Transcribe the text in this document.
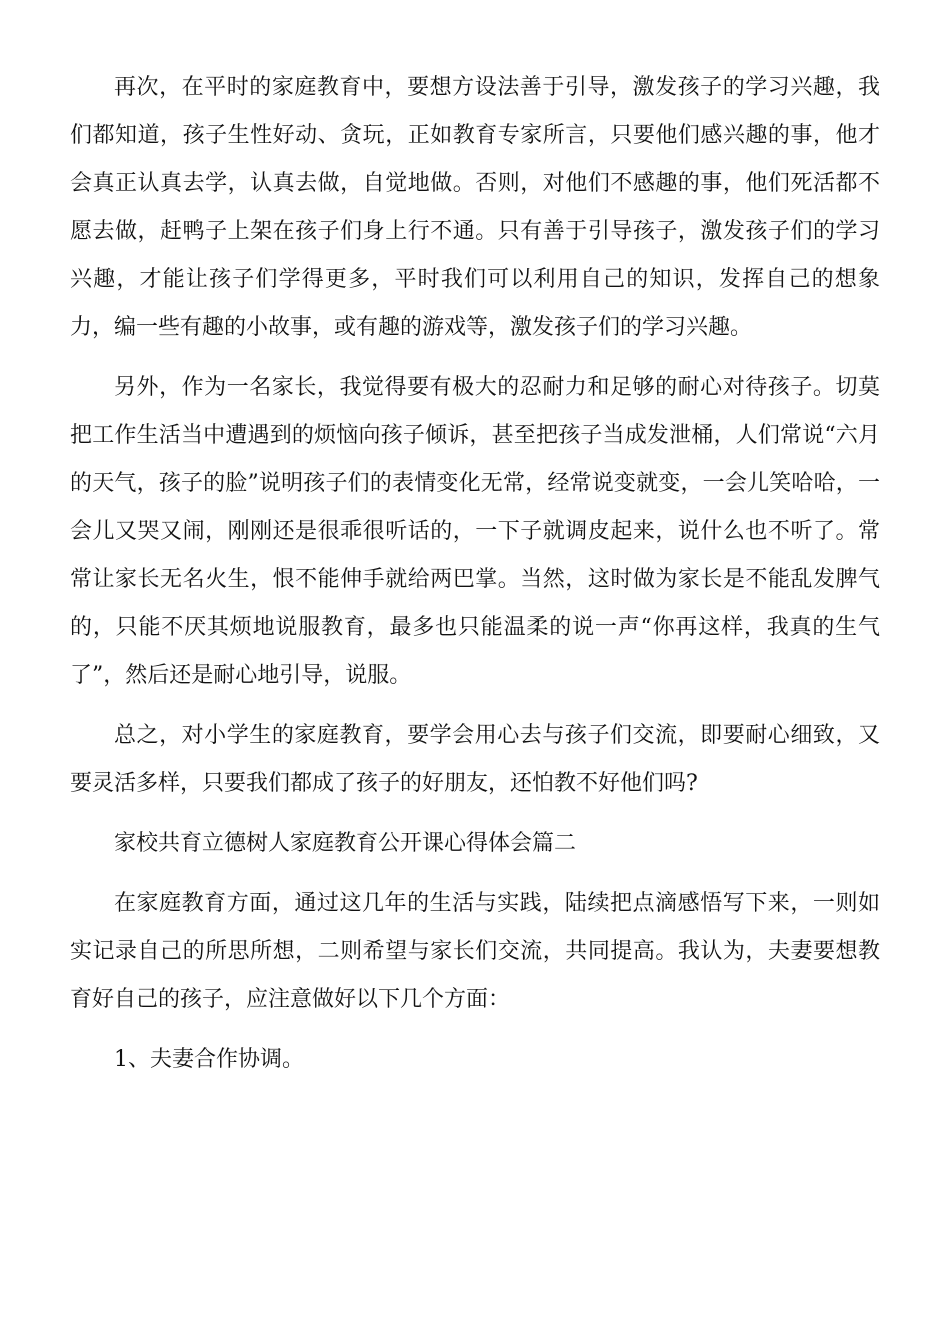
再次，在平时的家庭教育中，要想方设法善于引导，激发孩子的学习兴趣，我们都知道，孩子生性好动、贪玩，正如教育专家所言，只要他们感兴趣的事，他才会真正认真去学，认真去做，自觉地做。否则，对他们不感趣的事，他们死活都不愿去做，赶鸭子上架在孩子们身上行不通。只有善于引导孩子，激发孩子们的学习兴趣，才能让孩子们学得更多，平时我们可以利用自己的知识，发挥自己的想象力，编一些有趣的小故事，或有趣的游戏等，激发孩子们的学习兴趣。

另外，作为一名家长，我觉得要有极大的忍耐力和足够的耐心对待孩子。切莫把工作生活当中遭遇到的烦恼向孩子倾诉，甚至把孩子当成发泄桶，人们常说“六月的天气，孩子的脸”说明孩子们的表情变化无常，经常说变就变，一会儿笑哈哈，一会儿又哭又闹，刚刚还是很乖很听话的，一下子就调皮起来，说什么也不听了。常常让家长无名火生，恨不能伸手就给两巴掌。当然，这时做为家长是不能乱发脾气的，只能不厌其烦地说服教育，最多也只能温柔的说一声“你再这样，我真的生气了”，然后还是耐心地引导，说服。

总之，对小学生的家庭教育，要学会用心去与孩子们交流，即要耐心细致，又要灵活多样，只要我们都成了孩子的好朋友，还怕教不好他们吗?

家校共育立德树人家庭教育公开课心得体会篇二

在家庭教育方面，通过这几年的生活与实践，陆续把点滴感悟写下来，一则如实记录自己的所思所想，二则希望与家长们交流，共同提高。我认为，夫妻要想教育好自己的孩子，应注意做好以下几个方面：

1、夫妻合作协调。
